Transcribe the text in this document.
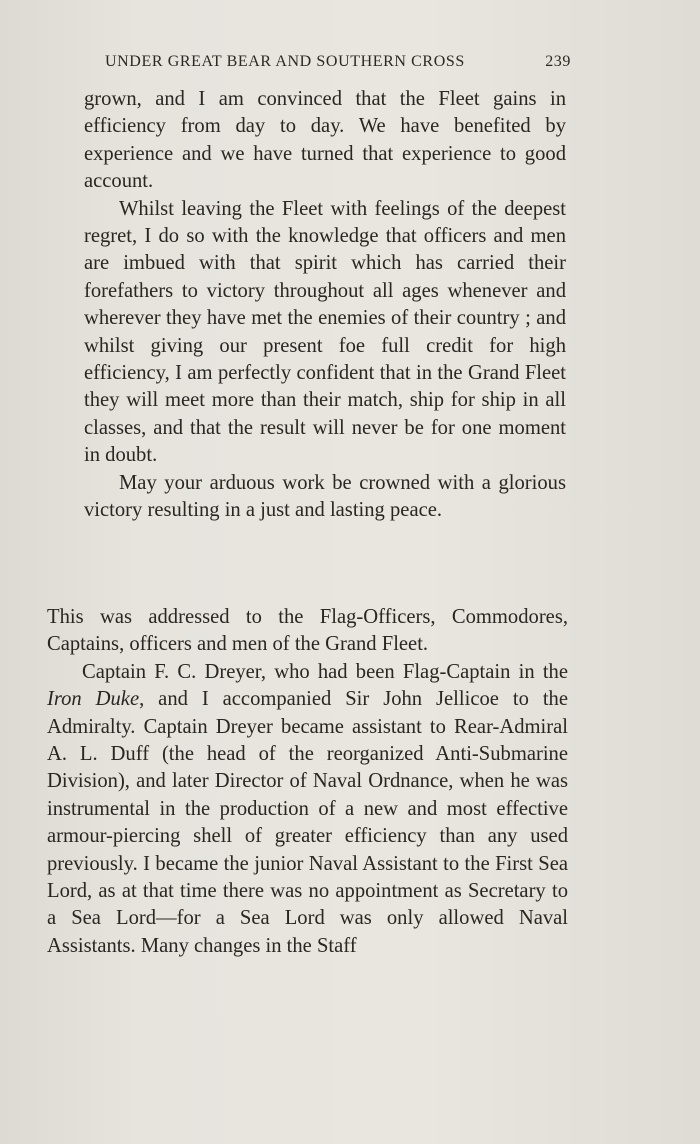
UNDER GREAT BEAR AND SOUTHERN CROSS	239

grown, and I am convinced that the Fleet gains in efficiency from day to day. We have benefited by experience and we have turned that experience to good account.

Whilst leaving the Fleet with feelings of the deepest regret, I do so with the knowledge that officers and men are imbued with that spirit which has carried their forefathers to victory throughout all ages whenever and wherever they have met the enemies of their country ; and whilst giving our present foe full credit for high efficiency, I am perfectly confident that in the Grand Fleet they will meet more than their match, ship for ship in all classes, and that the result will never be for one moment in doubt.

May your arduous work be crowned with a glorious victory resulting in a just and lasting peace.

This was addressed to the Flag-Officers, Commodores, Captains, officers and men of the Grand Fleet.

Captain F. C. Dreyer, who had been Flag-Captain in the Iron Duke, and I accompanied Sir John Jellicoe to the Admiralty. Captain Dreyer became assistant to Rear-Admiral A. L. Duff (the head of the reorganized Anti-Submarine Division), and later Director of Naval Ordnance, when he was instrumental in the production of a new and most effective armour-piercing shell of greater efficiency than any used previously. I became the junior Naval Assistant to the First Sea Lord, as at that time there was no appointment as Secretary to a Sea Lord—for a Sea Lord was only allowed Naval Assistants. Many changes in the Staff
